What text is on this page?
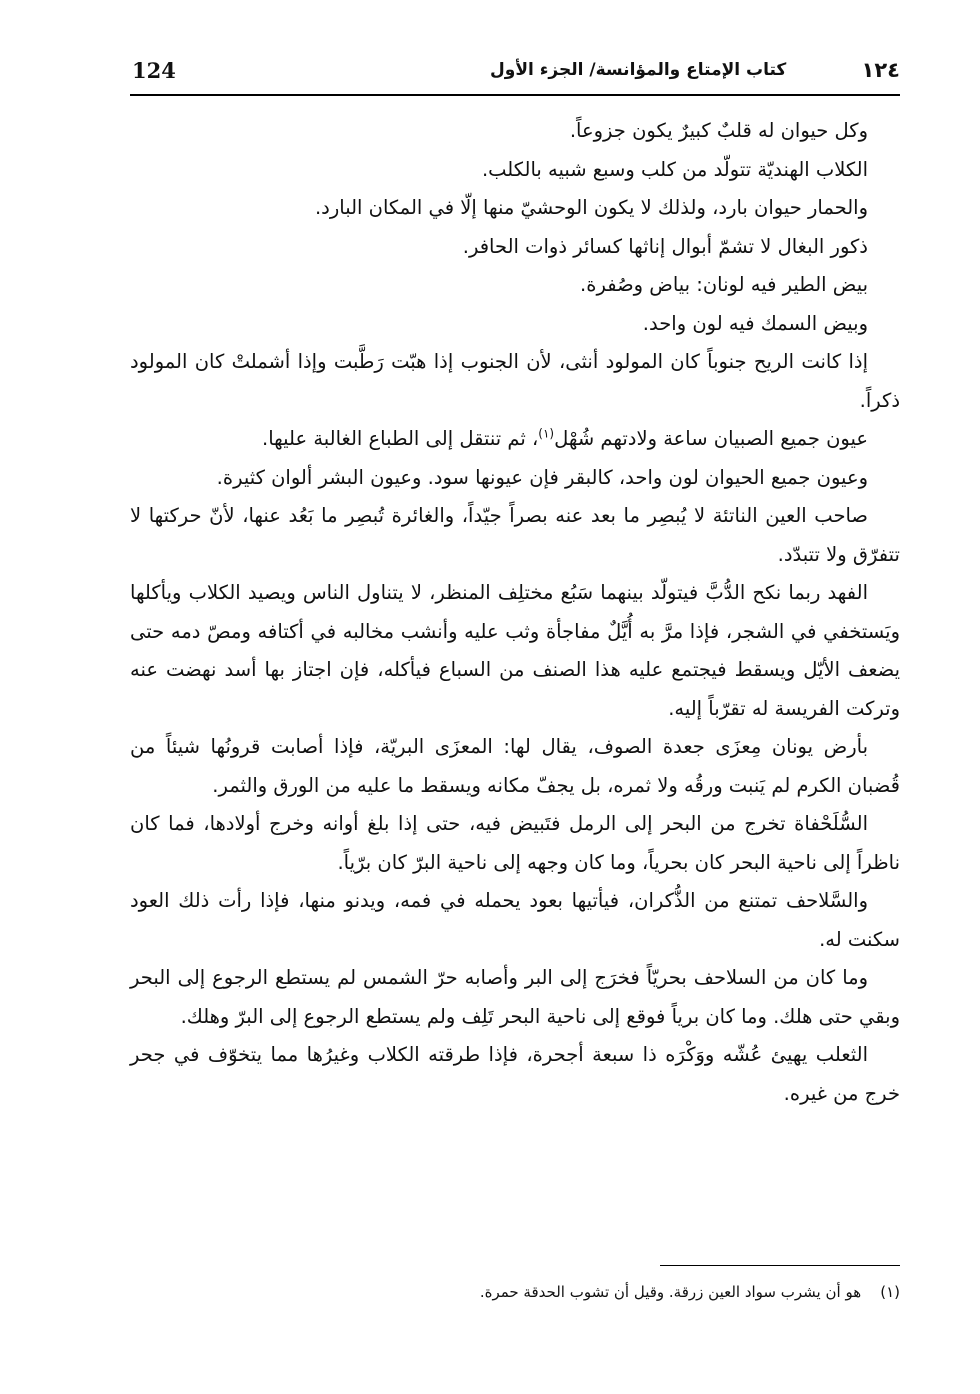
124	كتاب الإمتاع والمؤانسة/ الجزء الأول	١٢٤

وكل حيوان له قلبٌ كبيرٌ يكون جزوعاً.

الكلاب الهنديّة تتولّد من كلب وسبع شبيه بالكلب.

والحمار حيوان بارد، ولذلك لا يكون الوحشيّ منها إلّا في المكان البارد.

ذكور البغال لا تشمّ أبوال إناثها كسائر ذوات الحافر.

بيض الطير فيه لونان: بياض وصُفرة.

وبيض السمك فيه لون واحد.

إذا كانت الريح جنوباً كان المولود أنثى، لأن الجنوب إذا هبّت رَطَّبت وإذا أشملتْ كان المولود ذكراً.

عيون جميع الصبيان ساعة ولادتهم شُهْل$^{(١)}$، ثم تنتقل إلى الطباع الغالبة عليها.

وعيون جميع الحيوان لون واحد، كالبقر فإن عيونها سود. وعيون البشر ألوان كثيرة.

صاحب العين الناتئة لا يُبصِر ما بعد عنه بصراً جيّداً، والغائرة تُبصِر ما بَعُد عنها، لأنّ حركتها لا تتفرّق ولا تتبدّد.

الفهد ربما نكح الدُّبَّ فيتولّد بينهما سَبُع مختلِف المنظر، لا يتناول الناس ويصيد الكلاب ويأكلها ويَستخفي في الشجر، فإذا مرَّ به أُيَّلٌ مفاجأة وثب عليه وأنشب مخالبه في أكتافه ومصّ دمه حتى يضعف الأيّل ويسقط فيجتمع عليه هذا الصنف من السباع فيأكله، فإن اجتاز بها أسد نهضت عنه وتركت الفريسة له تقرّباً إليه.

بأرض يونان مِعزَى جعدة الصوف، يقال لها: المعزَى البريّة، فإذا أصابت قرونُها شيئاً من قُضبان الكرم لم يَنبت ورقُه ولا ثمره، بل يجفّ مكانه ويسقط ما عليه من الورق والثمر.

السُّلَحْفاة تخرج من البحر إلى الرمل فتَبيض فيه، حتى إذا بلغ أوانه وخرج أولادها، فما كان ناظراً إلى ناحية البحر كان بحرياً، وما كان وجهه إلى ناحية البرّ كان برّياً.

والسَّلاحف تمتنع من الذُّكران، فيأتيها بعود يحمله في فمه، ويدنو منها، فإذا رأت ذلك العود سكنت له.

وما كان من السلاحف بحريّاً فخرَج إلى البر وأصابه حرّ الشمس لم يستطع الرجوع إلى البحر وبقي حتى هلك. وما كان برياً فوقع إلى ناحية البحر تَلِف ولم يستطع الرجوع إلى البرّ وهلك.

الثعلب يهيئ عُشّه ووَكْرَه ذا سبعة أجحرة، فإذا طرقته الكلاب وغيرُها مما يتخوّف في جحر خرج من غيره.

(١)    هو أن يشرب سواد العين زرقة. وقيل أن تشوب الحدقة حمرة.
